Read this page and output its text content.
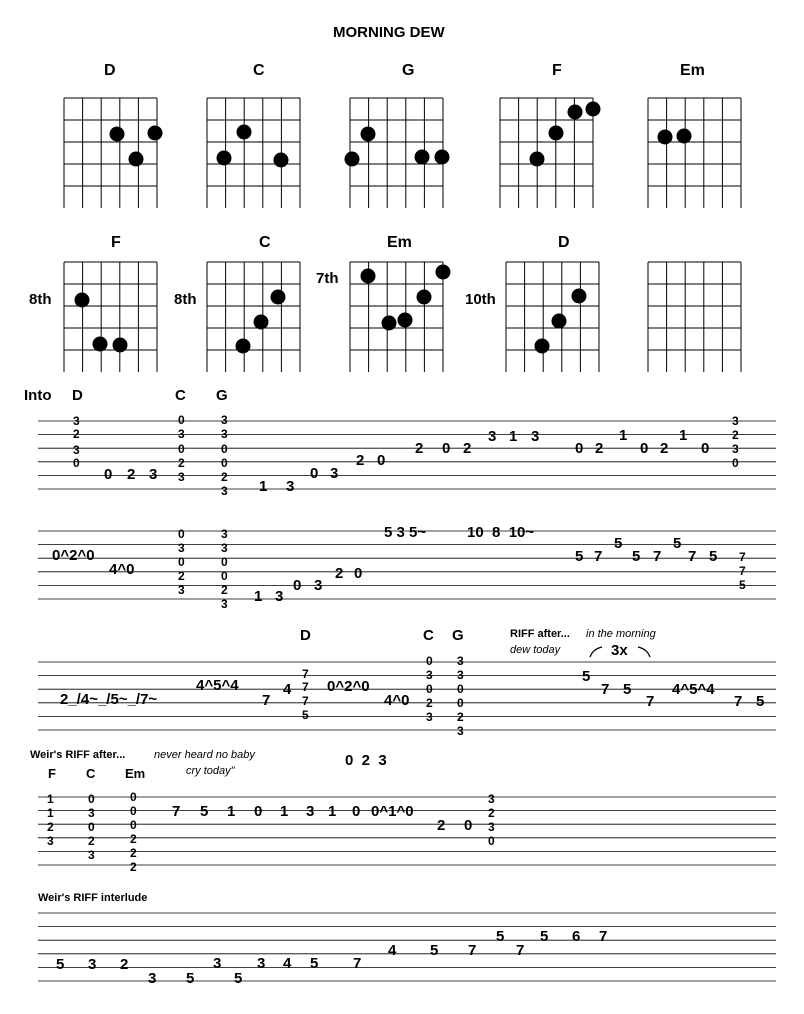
MORNING DEW
D	C	G	F	Em
F	C	Em	D
8th	8th
7th
10th
Into D	C G
3
2
3
0
0
3
0
2
3
3
3
0
0
2
3
0 2 3
1 3
0 3
2 0
2 0 2
3 1 3
0 2
1
0 2
1
0
3
2
3
0
0^2^0
4^0
0
3
0
2
3
3
3
0
0
2
3 1 3
0 3
2 0
5 3 5~	10  8  10~
5 7
5
5 7
5
7 5 7
7
5
D	C G	RIFF after... in the morning
dew today	3x
2_/4~_/5~_/7~
4^5^4
7
4
7
7
7
5
0^2^0
4^0
0
3
0
2
3
3
3
0
0
2
3
5
7 5
7
4^5^4
7 5
Weir's RIFF after...	never heard no baby
cry today"
0  2  3
F C Em
1
1
2
3
0
3
0
2
3
0
0
0
2
2
2
7 5 1 0 1 3 1 0 0^1^0
2 0
3
2
3
0
Weir's RIFF interlude
5 3 2
3 5
3
5
3 4 5 7
4 5 7	7
5 5 6 7
